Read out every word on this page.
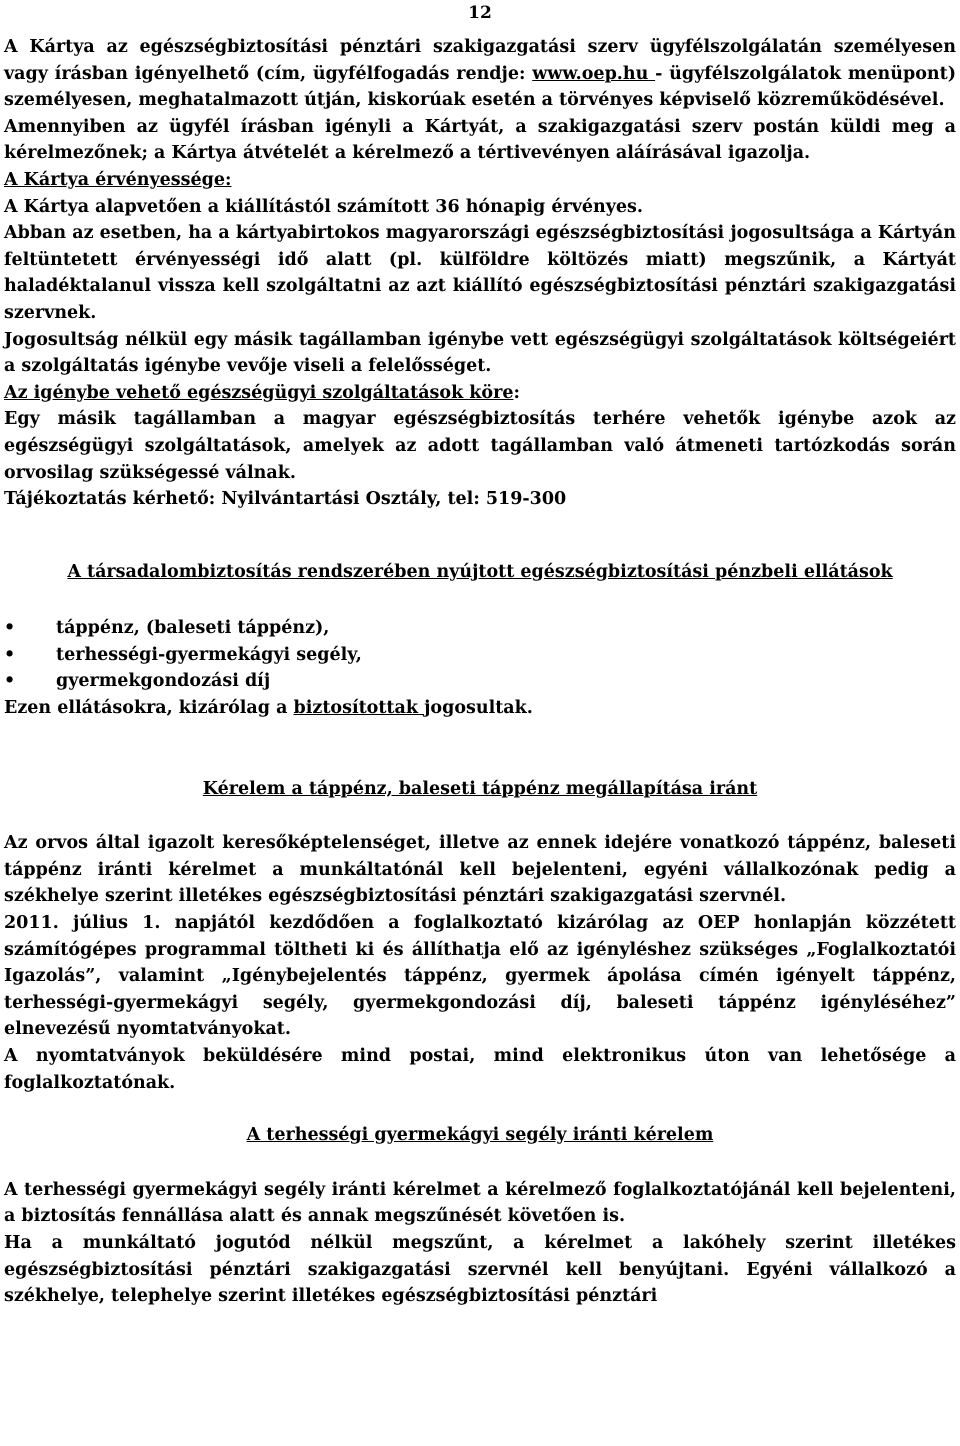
12

A Kártya az egészségbiztosítási pénztári szakigazgatási szerv ügyfélszolgálatán személyesen vagy írásban igényelhető (cím, ügyfélfogadás rendje: www.oep.hu - ügyfélszolgálatok menüpont) személyesen, meghatalmazott útján, kiskorúak esetén a törvényes képviselő közreműködésével.

Amennyiben az ügyfél írásban igényli a Kártyát, a szakigazgatási szerv postán küldi meg a kérelmezőnek; a Kártya átvételét a kérelmező a tértivevényen aláírásával igazolja.

A Kártya érvényessége:

A Kártya alapvetően a kiállítástól számított 36 hónapig érvényes.

Abban az esetben, ha a kártyabirtokos magyarországi egészségbiztosítási jogosultsága a Kártyán feltüntetett érvényességi idő alatt (pl. külföldre költözés miatt) megszűnik, a Kártyát haladéktalanul vissza kell szolgáltatni az azt kiállító egészségbiztosítási pénztári szakigazgatási szervnek.

Jogosultság nélkül egy másik tagállamban igénybe vett egészségügyi szolgáltatások költségeiért a szolgáltatás igénybe vevője viseli a felelősséget.

Az igénybe vehető egészségügyi szolgáltatások köre:

Egy másik tagállamban a magyar egészségbiztosítás terhére vehetők igénybe azok az egészségügyi szolgáltatások, amelyek az adott tagállamban való átmeneti tartózkodás során orvosilag szükségessé válnak.

Tájékoztatás kérhető: Nyilvántartási Osztály, tel: 519-300

A társadalombiztosítás rendszerében nyújtott egészségbiztosítási pénzbeli ellátások

• táppénz, (baleseti táppénz),
• terhességi-gyermekágyi segély,
• gyermekgondozási díj

Ezen ellátásokra, kizárólag a biztosítottak jogosultak.

Kérelem a táppénz, baleseti táppénz megállapítása iránt

Az orvos által igazolt keresőképtelenséget, illetve az ennek idejére vonatkozó táppénz, baleseti táppénz iránti kérelmet a munkáltatónál kell bejelenteni, egyéni vállalkozónak pedig a székhelye szerint illetékes egészségbiztosítási pénztári szakigazgatási szervnél.

2011. július 1. napjától kezdődően a foglalkoztató kizárólag az OEP honlapján közzétett számítógépes programmal töltheti ki és állíthatja elő az igényléshez szükséges „Foglalkoztatói Igazolás”, valamint „Igénybejelentés táppénz, gyermek ápolása címén igényelt táppénz, terhességi-gyermekágyi segély, gyermekgondozási díj, baleseti táppénz igényléséhez” elnevezésű nyomtatványokat.

A nyomtatványok beküldésére mind postai, mind elektronikus úton van lehetősége a foglalkoztatónak.

A terhességi gyermekágyi segély iránti kérelem

A terhességi gyermekágyi segély iránti kérelmet a kérelmező foglalkoztatójánál kell bejelenteni, a biztosítás fennállása alatt és annak megszűnését követően is.

Ha a munkáltató jogutód nélkül megszűnt, a kérelmet a lakóhely szerint illetékes egészségbiztosítási pénztári szakigazgatási szervnél kell benyújtani. Egyéni vállalkozó a székhelye, telephelye szerint illetékes egészségbiztosítási pénztári
